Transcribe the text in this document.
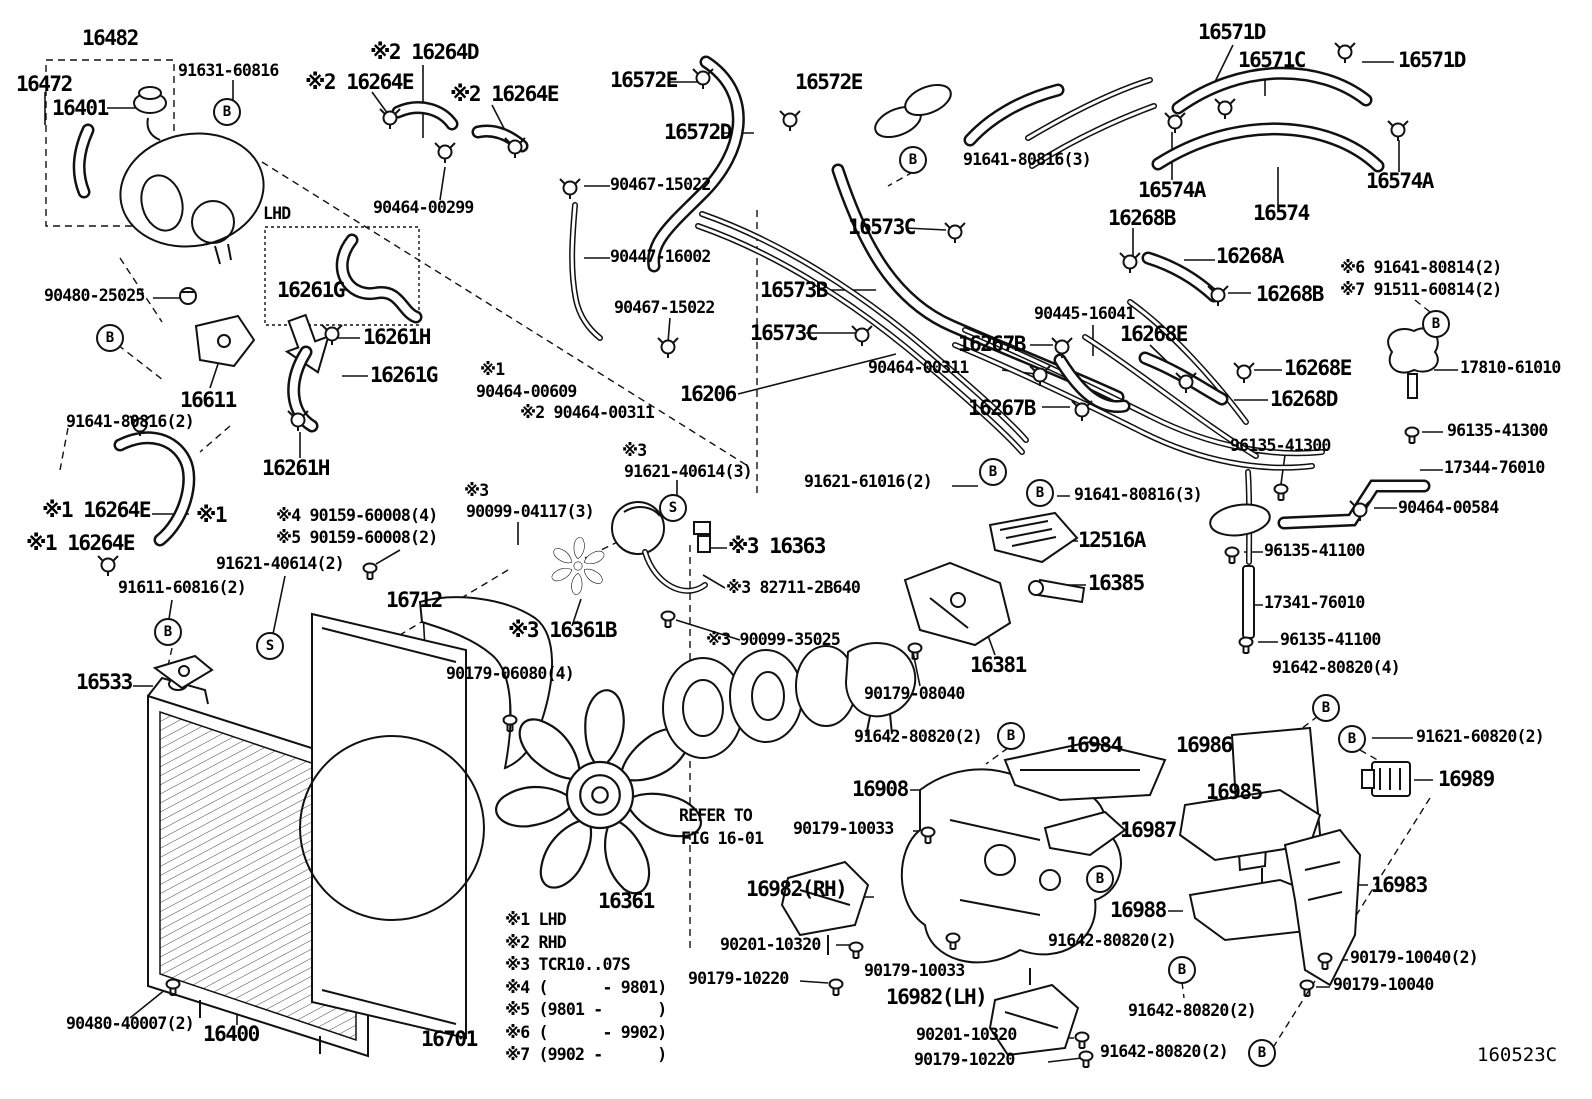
16482
16472
16401
91631-60816
90480-25025
16611
91641-80816(2)
LHD
16261G
16261H
16261G
16261H
※2 16264E
※2 16264D
※2 16264E
90464-00299
※1 16264E
※1 16264E
※1	※4 90159-60008(4)
※5 90159-60008(2)
91611-60816(2)
16533
91621-40614(2)
16712
90179-06080(4)
※3
90099-04117(3)
※3
91621-40614(3)
91621-61016(2)
※3 16363
※3 82711-2B640
※3 16361B	※3 90099-35025
16206
※1
90464-00609
※2 90464-00311
90467-15022
90467-15022
90447-16002
16572E	16572E
16572D
16573C
16573B
16573C
91641-80816(3)
16571D
16571C	16571D
16574A	16574A
16574
16268B
16268A	※6 91641-80814(2)
※7 91511-60814(2)
16268B
16268E
90445-16041
16267B
90464-00311
16267B
16268E
16268D
17810-61010
96135-41300
96135-41300
17344-76010
91641-80816(3)
90464-00584
96135-41100
17341-76010
96135-41100
12516A
16385
16381
90179-08040
91642-80820(2)	16984	16986
91642-80820(4)
91621-60820(2)
16989
16985
16987
16983
16988
91642-80820(2)
91642-80820(2)
91642-80820(2)
90179-10040(2)
90179-10040
16908
90179-10033
16982(RH)
90201-10320
90179-10220	90179-10033
16982(LH)
90201-10320
90179-10220
90480-40007(2) 16400	16701
16361
REFER TO
FIG 16-01
B
B
B
B
B
B
B
B
B
B
B
B
B
S
S
※1 LHD
※2 RHD
※3 TCR10..07S
※4 (      - 9801)
※5 (9801 -      )
※6 (      - 9902)
※7 (9902 -      )	160523C
